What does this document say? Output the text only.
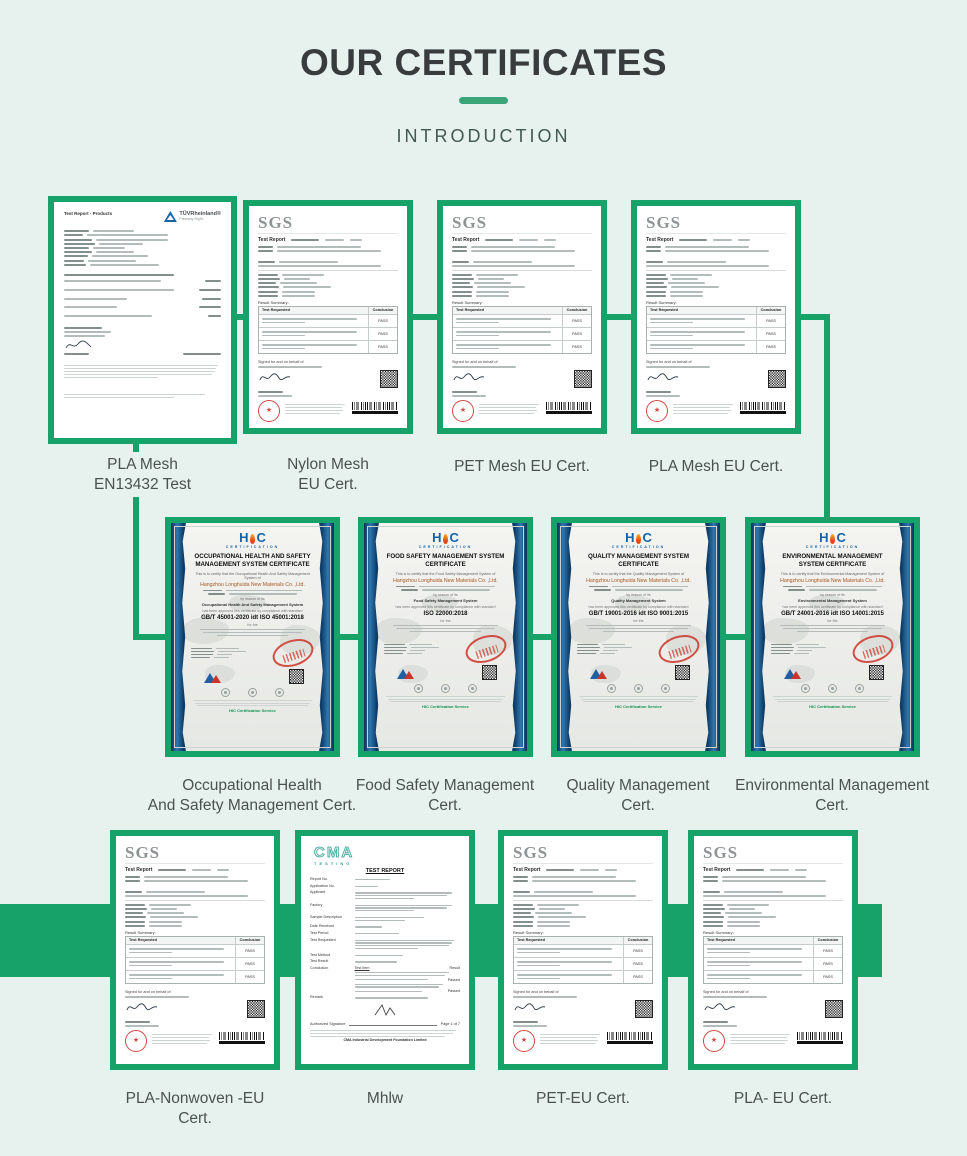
OUR CERTIFICATES
INTRODUCTION
Test Report - Products	TÜVRheinland®
Precisely Right.	SGS
Test Report
Result Summary:
Test Requested	Conclusion
PASS
PASS
PASS
Signed for and on behalf of
★
SGS
Test Report
Result Summary:
Test Requested	Conclusion
PASS
PASS
PASS
Signed for and on behalf of
★
SGS
Test Report
Result Summary:
Test Requested	Conclusion
PASS
PASS
PASS
Signed for and on behalf of
★
H C
CERTIFICATION
OCCUPATIONAL HEALTH AND SAFETY MANAGEMENT SYSTEM CERTIFICATE
This is to certify that the Occupational Health And Safety Management System of
Hangzhou Longhuida New Materials Co. ,Ltd.
by reason of its
Occupational Health And Safety Management System
has been approved this certificate by compliance with standard
GB/T 45001-2020 idt ISO 45001:2018
for the
HIC Certification Service
H C
CERTIFICATION
FOOD SAFETY MANAGEMENT SYSTEM CERTIFICATE
This is to certify that the Food Safety Management System of
Hangzhou Longhuida New Materials Co. ,Ltd.
by reason of its
Food Safety Management System
has been approved this certificate by compliance with standard
ISO 22000:2018
for the
HIC Certification Service
H C
CERTIFICATION
QUALITY MANAGEMENT SYSTEM CERTIFICATE
This is to certify that the Quality Management System of
Hangzhou Longhuida New Materials Co. ,Ltd.
by reason of its
Quality Management System
has been approved this certificate by compliance with standard
GB/T 19001-2016 idt ISO 9001:2015
for the
HIC Certification Service
H C
CERTIFICATION
ENVIRONMENTAL MANAGEMENT SYSTEM CERTIFICATE
This is to certify that the Environmental Management System of
Hangzhou Longhuida New Materials Co. ,Ltd.
by reason of its
Environmental Management System
has been approved this certificate by compliance with standard
GB/T 24001-2016 idt ISO 14001:2015
for the
HIC Certification Service
SGS
Test Report
Result Summary:
Test Requested	Conclusion
PASS
PASS
PASS
Signed for and on behalf of
★
CMA
TESTING
TEST REPORT
Report No.
Application No.
Applicant
Factory
Sample Description
Date Received
Test Period
Test Requested
Test Method
Test Result
Conclusion	Test Item	Result
Passed
Passed
Remark
Authorized Signature	Page 1 of 7
CMA Industrial Development Foundation Limited
SGS
Test Report
Result Summary:
Test Requested	Conclusion
PASS
PASS
PASS
Signed for and on behalf of
★
SGS
Test Report
Result Summary:
Test Requested	Conclusion
PASS
PASS
PASS
Signed for and on behalf of
★
PLA Mesh
EN13432 Test
Nylon Mesh
EU Cert.
PET Mesh EU Cert.	PLA Mesh EU Cert.
Occupational Health
And Safety Management Cert.
Food Safety Management
Cert.
Quality Management
Cert.
Environmental Management
Cert.
PLA-Nonwoven -EU
Cert.
Mhlw	PET-EU Cert.	PLA- EU Cert.
